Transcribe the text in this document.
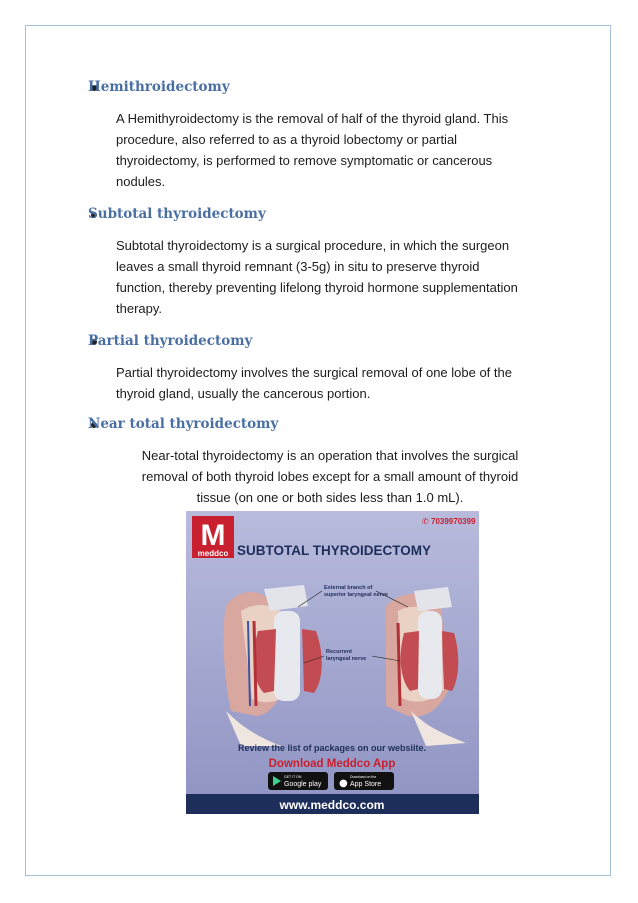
Hemithroidectomy
A Hemithyroidectomy is the removal of half of the thyroid gland. This
procedure, also referred to as a thyroid lobectomy or partial
thyroidectomy, is performed to remove symptomatic or cancerous
nodules.
Subtotal thyroidectomy
Subtotal thyroidectomy is a surgical procedure, in which the surgeon
leaves a small thyroid remnant (3-5g) in situ to preserve thyroid
function, thereby preventing lifelong thyroid hormone supplementation
therapy.
Partial thyroidectomy
Partial thyroidectomy involves the surgical removal of one lobe of the
thyroid gland, usually the cancerous portion.
Near total thyroidectomy
Near-total thyroidectomy is an operation that involves the surgical
removal of both thyroid lobes except for a small amount of thyroid
tissue (on one or both sides less than 1.0 mL).
M
meddco
✆ 7039970399
SUBTOTAL THYROIDECTOMY
External branch of superior laryngeal nerve
Recurrent laryngeal nerve
Review the list of packages on our websiite.
Download Meddco App
GET IT ON
Google play ●
Download on the
App Store
www.meddco.com
